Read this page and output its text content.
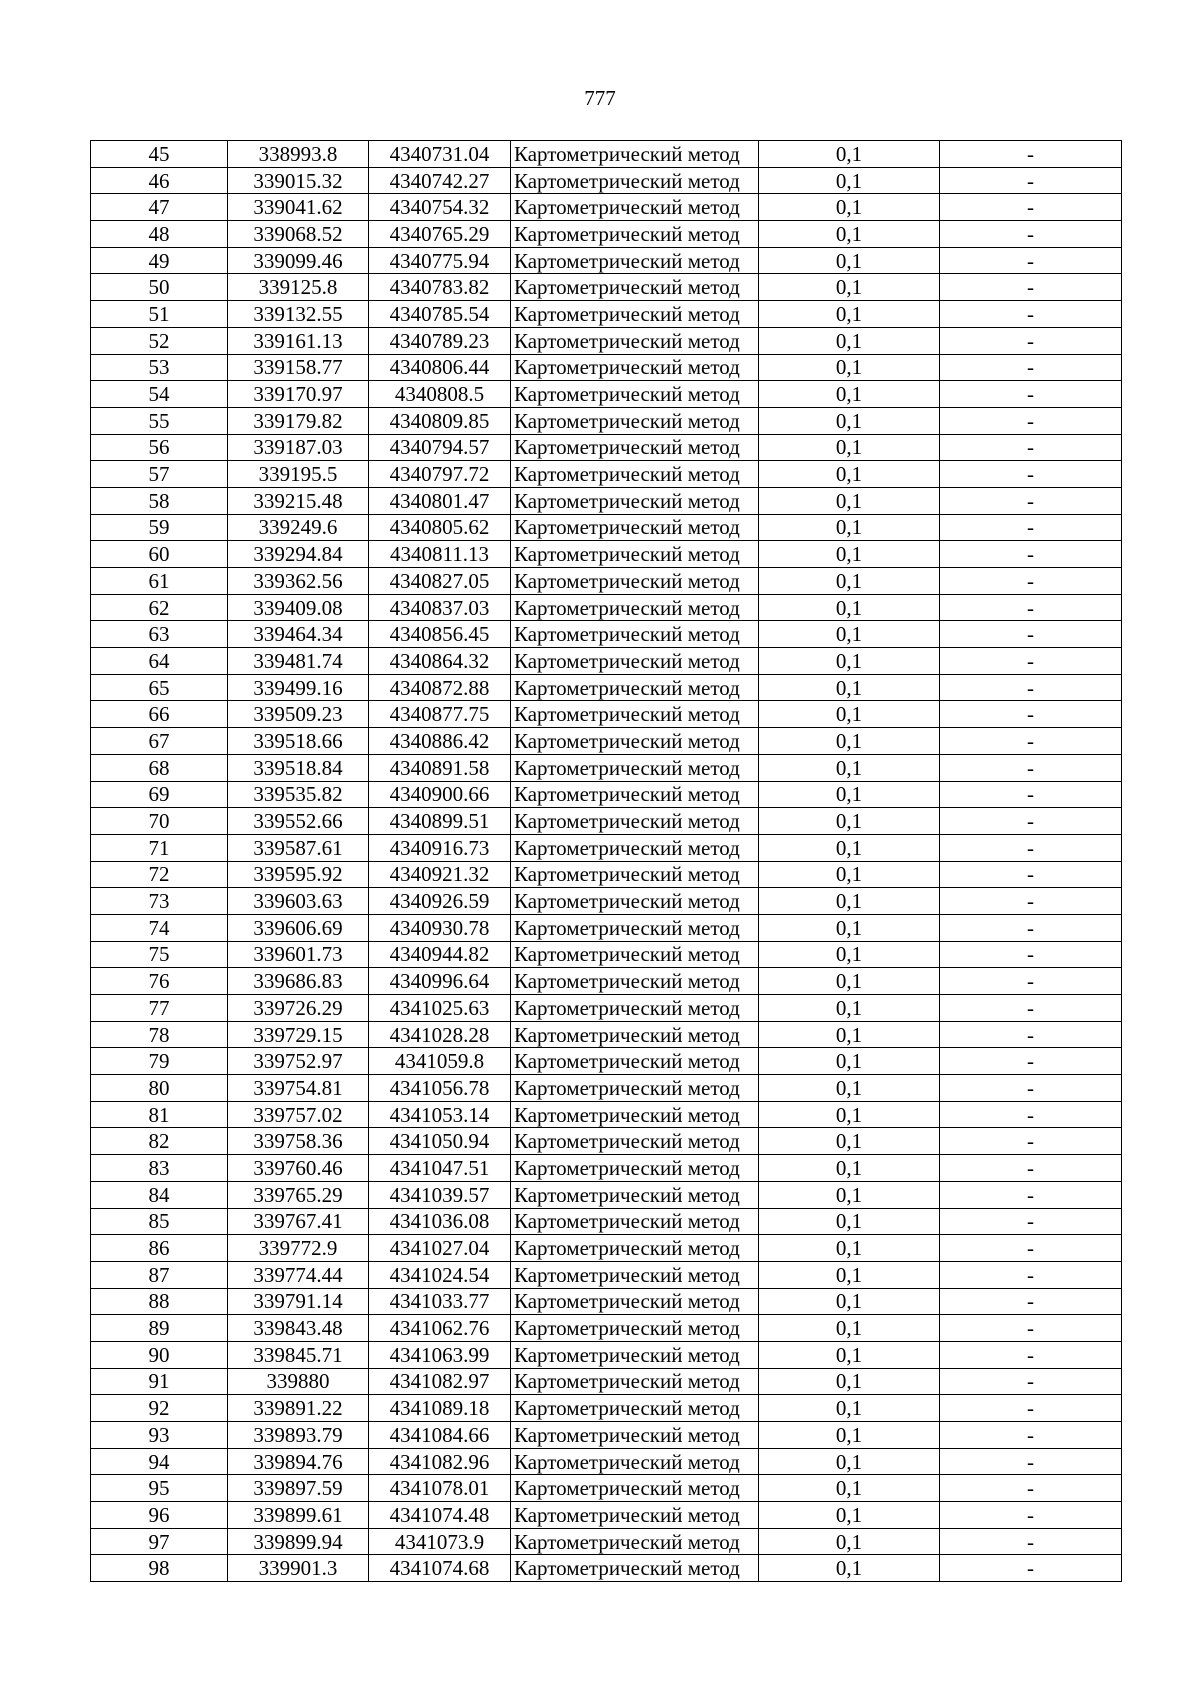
777
45	338993.8	4340731.04	Картометрический метод	0,1	-
46	339015.32	4340742.27	Картометрический метод	0,1	-
47	339041.62	4340754.32	Картометрический метод	0,1	-
48	339068.52	4340765.29	Картометрический метод	0,1	-
49	339099.46	4340775.94	Картометрический метод	0,1	-
50	339125.8	4340783.82	Картометрический метод	0,1	-
51	339132.55	4340785.54	Картометрический метод	0,1	-
52	339161.13	4340789.23	Картометрический метод	0,1	-
53	339158.77	4340806.44	Картометрический метод	0,1	-
54	339170.97	4340808.5	Картометрический метод	0,1	-
55	339179.82	4340809.85	Картометрический метод	0,1	-
56	339187.03	4340794.57	Картометрический метод	0,1	-
57	339195.5	4340797.72	Картометрический метод	0,1	-
58	339215.48	4340801.47	Картометрический метод	0,1	-
59	339249.6	4340805.62	Картометрический метод	0,1	-
60	339294.84	4340811.13	Картометрический метод	0,1	-
61	339362.56	4340827.05	Картометрический метод	0,1	-
62	339409.08	4340837.03	Картометрический метод	0,1	-
63	339464.34	4340856.45	Картометрический метод	0,1	-
64	339481.74	4340864.32	Картометрический метод	0,1	-
65	339499.16	4340872.88	Картометрический метод	0,1	-
66	339509.23	4340877.75	Картометрический метод	0,1	-
67	339518.66	4340886.42	Картометрический метод	0,1	-
68	339518.84	4340891.58	Картометрический метод	0,1	-
69	339535.82	4340900.66	Картометрический метод	0,1	-
70	339552.66	4340899.51	Картометрический метод	0,1	-
71	339587.61	4340916.73	Картометрический метод	0,1	-
72	339595.92	4340921.32	Картометрический метод	0,1	-
73	339603.63	4340926.59	Картометрический метод	0,1	-
74	339606.69	4340930.78	Картометрический метод	0,1	-
75	339601.73	4340944.82	Картометрический метод	0,1	-
76	339686.83	4340996.64	Картометрический метод	0,1	-
77	339726.29	4341025.63	Картометрический метод	0,1	-
78	339729.15	4341028.28	Картометрический метод	0,1	-
79	339752.97	4341059.8	Картометрический метод	0,1	-
80	339754.81	4341056.78	Картометрический метод	0,1	-
81	339757.02	4341053.14	Картометрический метод	0,1	-
82	339758.36	4341050.94	Картометрический метод	0,1	-
83	339760.46	4341047.51	Картометрический метод	0,1	-
84	339765.29	4341039.57	Картометрический метод	0,1	-
85	339767.41	4341036.08	Картометрический метод	0,1	-
86	339772.9	4341027.04	Картометрический метод	0,1	-
87	339774.44	4341024.54	Картометрический метод	0,1	-
88	339791.14	4341033.77	Картометрический метод	0,1	-
89	339843.48	4341062.76	Картометрический метод	0,1	-
90	339845.71	4341063.99	Картометрический метод	0,1	-
91	339880	4341082.97	Картометрический метод	0,1	-
92	339891.22	4341089.18	Картометрический метод	0,1	-
93	339893.79	4341084.66	Картометрический метод	0,1	-
94	339894.76	4341082.96	Картометрический метод	0,1	-
95	339897.59	4341078.01	Картометрический метод	0,1	-
96	339899.61	4341074.48	Картометрический метод	0,1	-
97	339899.94	4341073.9	Картометрический метод	0,1	-
98	339901.3	4341074.68	Картометрический метод	0,1	-
